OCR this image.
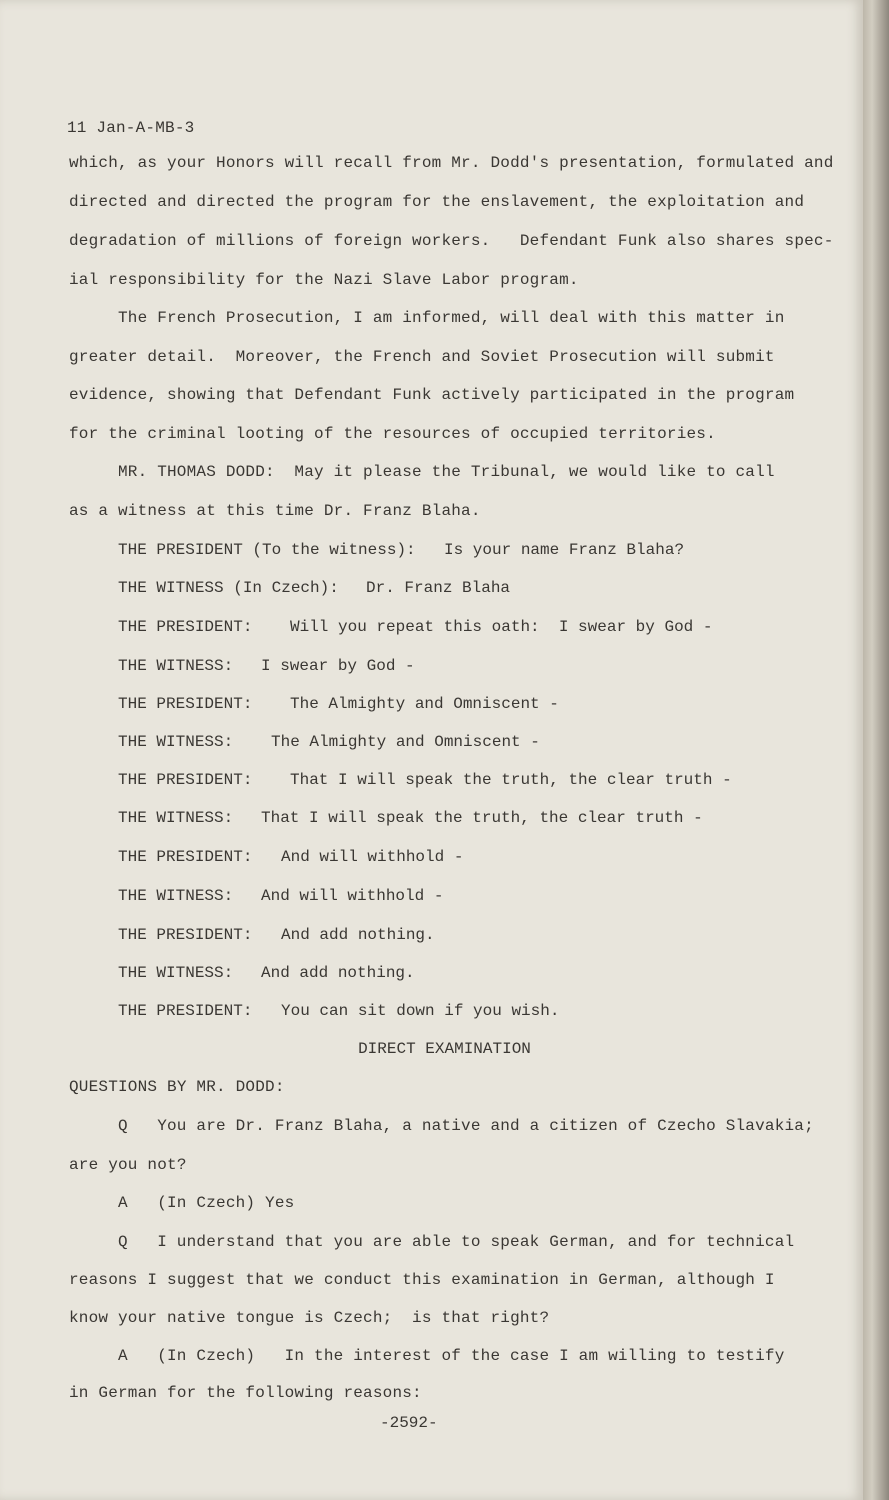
11 Jan-A-MB-3
which, as your Honors will recall from Mr. Dodd's presentation, formulated and
directed and directed the program for the enslavement, the exploitation and
degradation of millions of foreign workers.   Defendant Funk also shares spec-
ial responsibility for the Nazi Slave Labor program.
The French Prosecution, I am informed, will deal with this matter in
greater detail.  Moreover, the French and Soviet Prosecution will submit
evidence, showing that Defendant Funk actively participated in the program
for the criminal looting of the resources of occupied territories.
MR. THOMAS DODD:  May it please the Tribunal, we would like to call
as a witness at this time Dr. Franz Blaha.
THE PRESIDENT (To the witness): Is your name Franz Blaha?
THE WITNESS (In Czech): Dr. Franz Blaha
THE PRESIDENT: Will you repeat this oath:  I swear by God -
THE WITNESS: I swear by God -
THE PRESIDENT: The Almighty and Omniscent -
THE WITNESS: The Almighty and Omniscent -
THE PRESIDENT: That I will speak the truth, the clear truth -
THE WITNESS: That I will speak the truth, the clear truth -
THE PRESIDENT: And will withhold -
THE WITNESS: And will withhold -
THE PRESIDENT: And add nothing.
THE WITNESS: And add nothing.
THE PRESIDENT: You can sit down if you wish.
DIRECT EXAMINATION
QUESTIONS BY MR. DODD:
Q   You are Dr. Franz Blaha, a native and a citizen of Czecho Slavakia;
are you not?
A   (In Czech) Yes
Q   I understand that you are able to speak German, and for technical
reasons I suggest that we conduct this examination in German, although I
know your native tongue is Czech;  is that right?
A   (In Czech)   In the interest of the case I am willing to testify
in German for the following reasons:
-2592-
